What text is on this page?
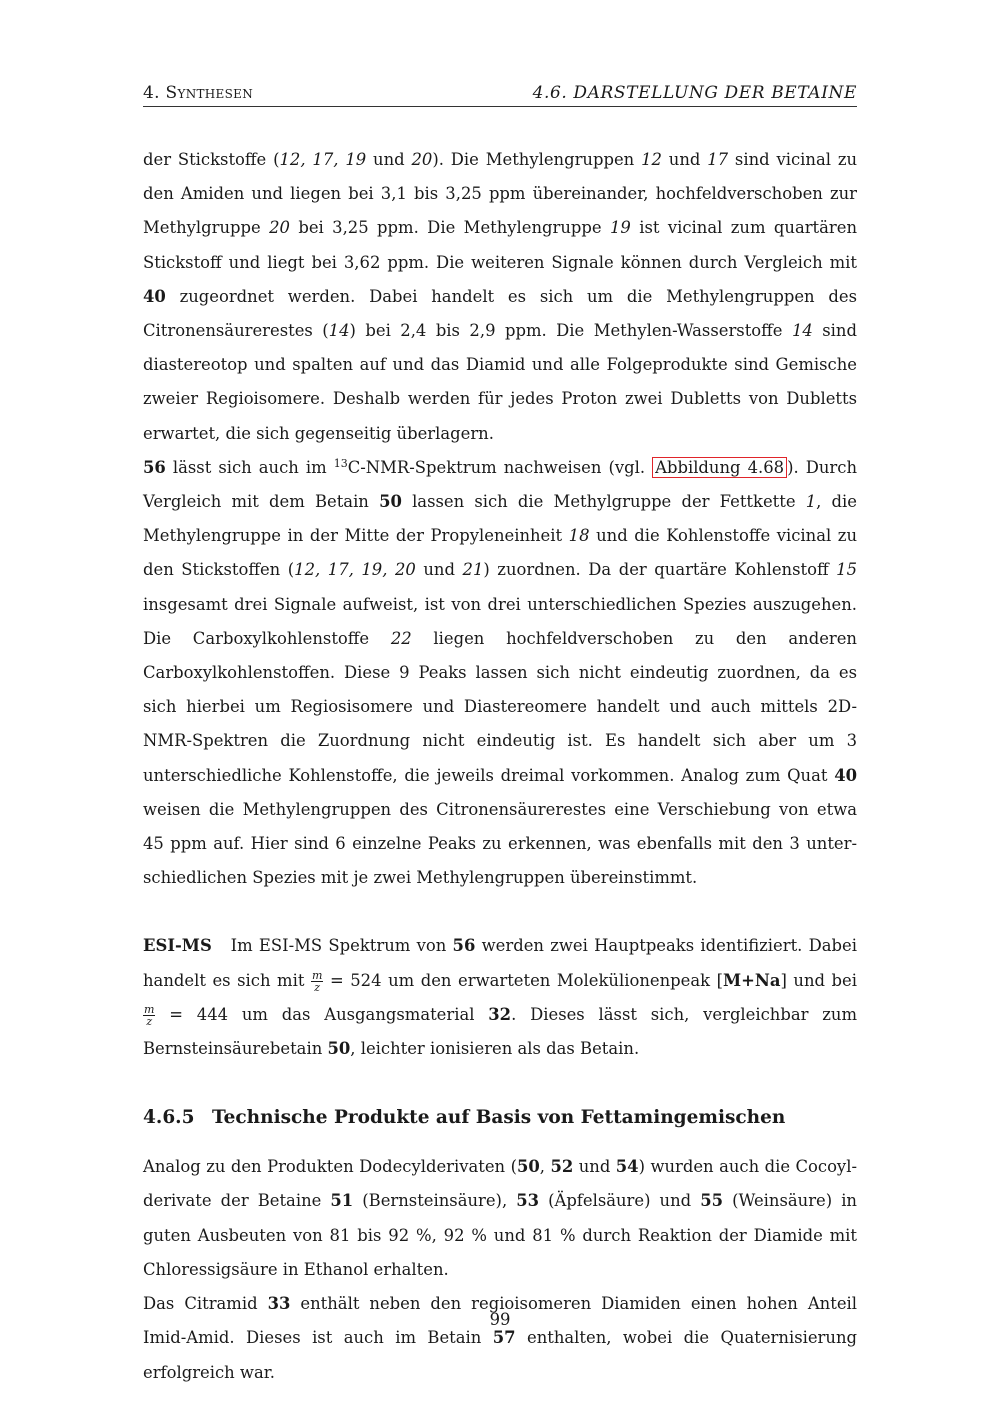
4. Synthesen	4.6. DARSTELLUNG DER BETAINE

der Stickstoffe (12, 17, 19 und 20). Die Methylengruppen 12 und 17 sind vicinal zu den Amiden und liegen bei 3,1 bis 3,25 ppm übereinander, hochfeldverschoben zur Methylgruppe 20 bei 3,25 ppm. Die Methylengruppe 19 ist vicinal zum quartären Stickstoff und liegt bei 3,62 ppm. Die weiteren Signale können durch Vergleich mit 40 zugeordnet werden. Dabei handelt es sich um die Methylengruppen des Citronensäurerestes (14) bei 2,4 bis 2,9 ppm. Die Methylen-Wasserstoffe 14 sind diastereotop und spalten auf und das Diamid und alle Folgeprodukte sind Gemische zweier Regioisomere. Deshalb werden für jedes Proton zwei Dubletts von Dubletts erwartet, die sich gegenseitig überlagern.

56 lässt sich auch im $^{13}$C-NMR-Spektrum nachweisen (vgl. Abbildung 4.68 ). Durch Vergleich mit dem Betain 50 lassen sich die Methylgruppe der Fettkette 1, die Methylengruppe in der Mitte der Propyleneinheit 18 und die Kohlenstoffe vicinal zu den Stickstoffen (12, 17, 19, 20 und 21) zuordnen. Da der quartäre Kohlenstoff 15 insgesamt drei Signale aufweist, ist von drei unterschiedlichen Spezies auszugehen. Die Carboxylkohlenstoffe 22 liegen hochfeldverschoben zu den anderen Carboxylkohlenstoffen. Diese 9 Peaks lassen sich nicht eindeutig zuordnen, da es sich hierbei um Regiosisomere und Diastereomere handelt und auch mittels 2D-NMR-Spektren die Zuordnung nicht eindeutig ist. Es handelt sich aber um 3 unterschiedliche Kohlenstoffe, die jeweils dreimal vorkommen. Analog zum Quat 40 weisen die Methylengruppen des Citronensäurerestes eine Verschiebung von etwa 45 ppm auf. Hier sind 6 einzelne Peaks zu erkennen, was ebenfalls mit den 3 unterschiedlichen Spezies mit je zwei Methylengruppen übereinstimmt.

ESI-MS Im ESI-MS Spektrum von 56 werden zwei Hauptpeaks identifiziert. Dabei handelt es sich mit $\frac{m}{z} = 524$ um den erwarteten Molekülionenpeak [M+Na] und bei
$\frac{m}{z} = 444$ um das Ausgangsmaterial 32. Dieses lässt sich, vergleichbar zum Bernsteinsäurebetain 50, leichter ionisieren als das Betain.

4.6.5 Technische Produkte auf Basis von Fettamingemischen

Analog zu den Produkten Dodecylderivaten (50, 52 und 54) wurden auch die Cocoylderivate der Betaine 51 (Bernsteinsäure), 53 (Äpfelsäure) und 55 (Weinsäure) in guten Ausbeuten von 81 bis 92 %, 92 % und 81 % durch Reaktion der Diamide mit Chloressigsäure in Ethanol erhalten.

Das Citramid 33 enthält neben den regioisomeren Diamiden einen hohen Anteil Imid-Amid. Dieses ist auch im Betain 57 enthalten, wobei die Quaternisierung erfolgreich war.

99
